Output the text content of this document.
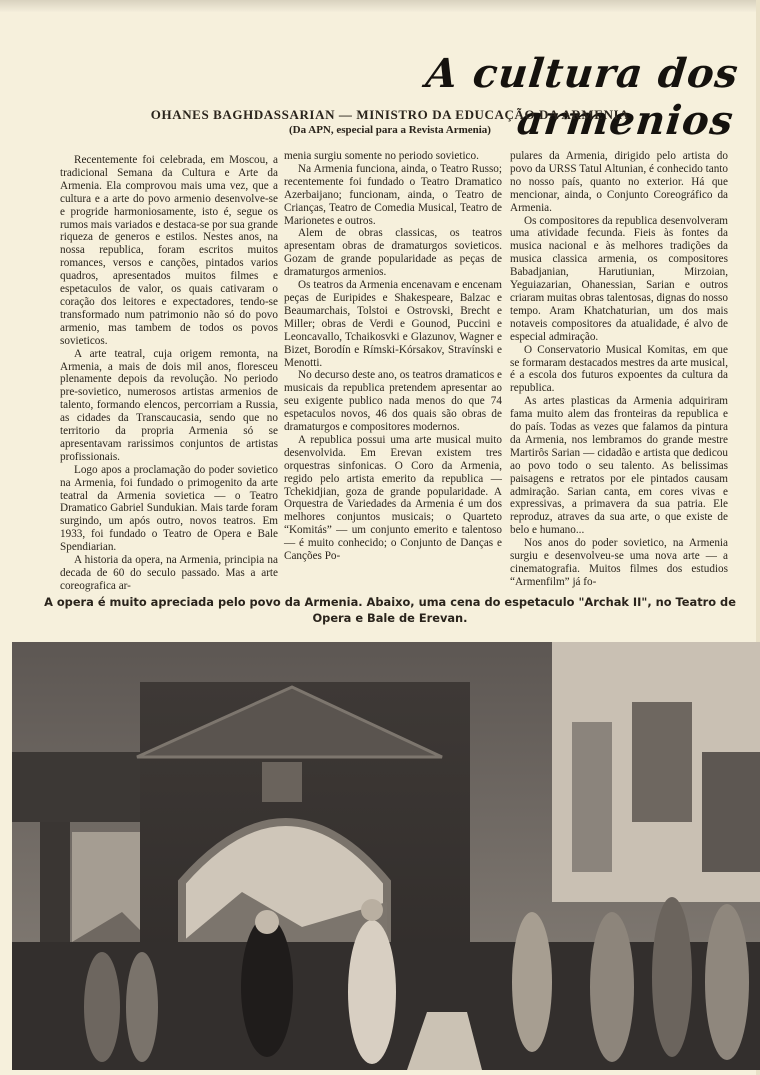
A cultura dos armenios
OHANES BAGHDASSARIAN — MINISTRO DA EDUCAÇÃO DA ARMENIA
(Da APN, especial para a Revista Armenia)

Recentemente foi celebrada, em Moscou, a tradicional Semana da Cultura e Arte da Armenia. Ela comprovou mais uma vez, que a cultura e a arte do povo armenio desenvolve-se e progride harmoniosamente, isto é, segue os rumos mais variados e destaca-se por sua grande riqueza de generos e estilos. Nestes anos, na nossa republica, foram escritos muitos romances, versos e canções, pintados varios quadros, apresentados muitos filmes e espetaculos de valor, os quais cativaram o coração dos leitores e expectadores, tendo-se transformado num patrimonio não só do povo armenio, mas tambem de todos os povos sovieticos.

A arte teatral, cuja origem remonta, na Armenia, a mais de dois mil anos, floresceu plenamente depois da revolução. No periodo pre-sovietico, numerosos artistas armenios de talento, formando elencos, percorriam a Russia, as cidades da Transcaucasia, sendo que no territorio da propria Armenia só se apresentavam rarissimos conjuntos de artistas profissionais.

Logo apos a proclamação do poder sovietico na Armenia, foi fundado o primogenito da arte teatral da Armenia sovietica — o Teatro Dramatico Gabriel Sundukian. Mais tarde foram surgindo, um após outro, novos teatros. Em 1933, foi fundado o Teatro de Opera e Bale Spendiarian.

A historia da opera, na Armenia, principia na decada de 60 do seculo passado. Mas a arte coreografica ar-

menia surgiu somente no periodo sovietico.

Na Armenia funciona, ainda, o Teatro Russo; recentemente foi fundado o Teatro Dramatico Azerbaijano; funcionam, ainda, o Teatro de Crianças, Teatro de Comedia Musical, Teatro de Marionetes e outros.

Alem de obras classicas, os teatros apresentam obras de dramaturgos sovieticos. Gozam de grande popularidade as peças de dramaturgos armenios.

Os teatros da Armenia encenavam e encenam peças de Euripides e Shakespeare, Balzac e Beaumarchais, Tolstoi e Ostrovski, Brecht e Miller; obras de Verdi e Gounod, Puccini e Leoncavallo, Tchaikosvki e Glazunov, Wagner e Bizet, Borodín e Rímski-Kórsakov, Stravínski e Menotti.

No decurso deste ano, os teatros dramaticos e musicais da republica pretendem apresentar ao seu exigente publico nada menos do que 74 espetaculos novos, 46 dos quais são obras de dramaturgos e compositores modernos.

A republica possui uma arte musical muito desenvolvida. Em Erevan existem tres orquestras sinfonicas. O Coro da Armenia, regido pelo artista emerito da republica — Tchekidjian, goza de grande popularidade. A Orquestra de Variedades da Armenia é um dos melhores conjuntos musicais; o Quarteto “Komitás” — um conjunto emerito e talentoso — é muito conhecido; o Conjunto de Danças e Canções Po-

pulares da Armenia, dirigido pelo artista do povo da URSS Tatul Altunian, é conhecido tanto no nosso país, quanto no exterior. Há que mencionar, ainda, o Conjunto Coreográfico da Armenia.

Os compositores da republica desenvolveram uma atividade fecunda. Fieis às fontes da musica nacional e às melhores tradições da musica classica armenia, os compositores Babadjanian, Harutiunian, Mirzoian, Yeguiazarian, Ohanessian, Sarian e outros criaram muitas obras talentosas, dignas do nosso tempo. Aram Khatchaturian, um dos mais notaveis compositores da atualidade, é alvo de especial admiração.

O Conservatorio Musical Komitas, em que se formaram destacados mestres da arte musical, é a escola dos futuros expoentes da cultura da republica.

As artes plasticas da Armenia adquiriram fama muito alem das fronteiras da republica e do país. Todas as vezes que falamos da pintura da Armenia, nos lembramos do grande mestre Martirôs Sarian — cidadão e artista que dedicou ao povo todo o seu talento. As belissimas paisagens e retratos por ele pintados causam admiração. Sarian canta, em cores vivas e expressivas, a primavera da sua patria. Ele reproduz, atraves da sua arte, o que existe de belo e humano...

Nos anos do poder sovietico, na Armenia surgiu e desenvolveu-se uma nova arte — a cinematografia. Muitos filmes dos estudios “Armenfilm” já fo-

A opera é muito apreciada pelo povo da Armenia. Abaixo, uma cena do espetaculo "Archak II", no Teatro de Opera e Bale de Erevan.
